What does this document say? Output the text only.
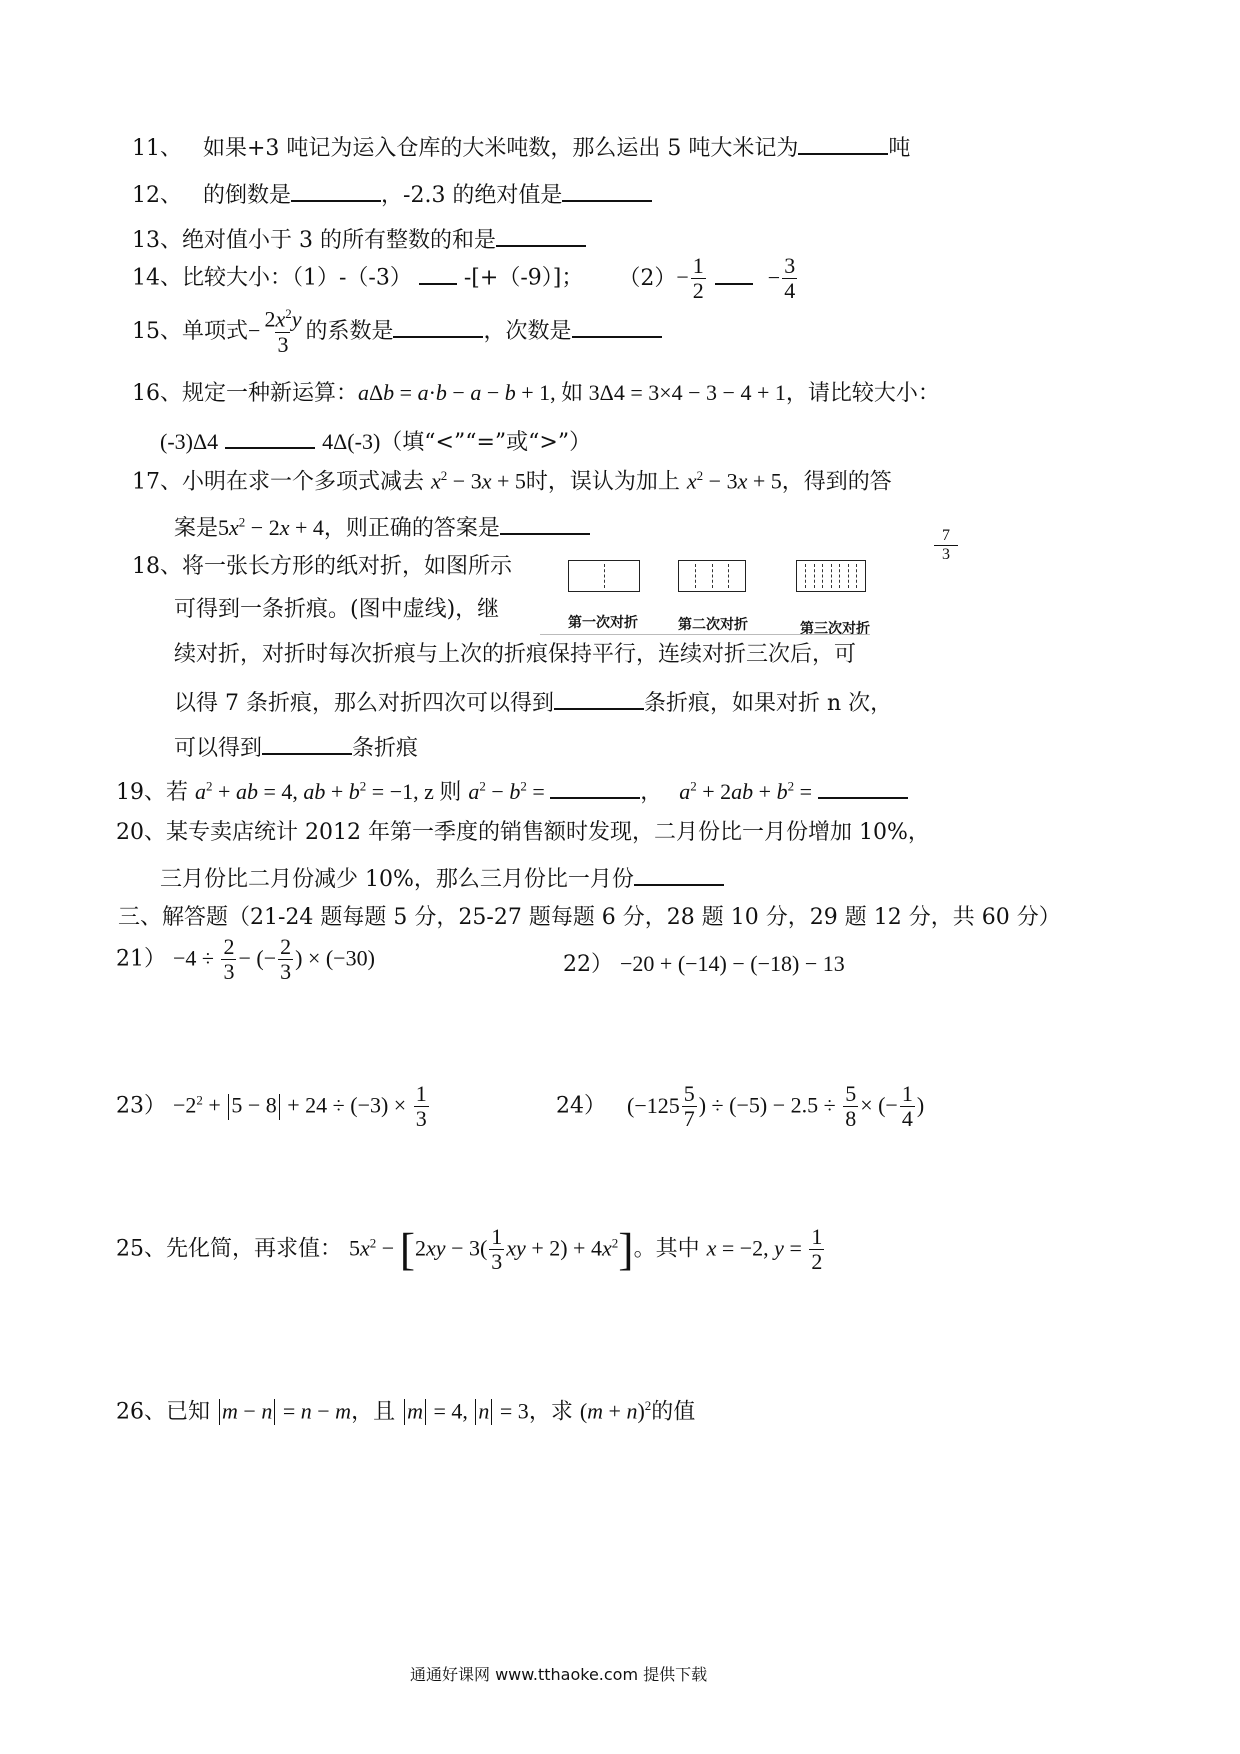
11、 如果+3 吨记为运入仓库的大米吨数，那么运出 5 吨大米记为	吨
12、 的倒数是	，-2.3 的绝对值是
13、绝对值小于 3 的所有整数的和是
14、比较大小：（1）-（-3） -[+（-9）]； $(2)- \frac{1}{2}$	− $\frac{3}{4}$
15、单项式− $\frac{2x^2y}{3}$ 的系数是	，次数是
16、规定一种新运算：aΔb = a·b − a − b + 1, 如 3Δ4 = 3×4 − 3 − 4 + 1，请比较大小：
(-3)Δ4	4Δ(-3)（填“<”“=”或“>”）
17、小明在求一个多项式减去 $x^2 - 3x + 5$时，误认为加上 $x^2 - 3x + 5$，得到的答
案是$5x^2 - 2x + 4$，则正确的答案是	$\frac{7}{3}$
18、将一张长方形的纸对折，如图所示
可得到一条折痕。(图中虚线)，继
续对折，对折时每次折痕与上次的折痕保持平行，连续对折三次后，可
以得 7 条折痕，那么对折四次可以得到	条折痕，如果对折 n 次，
可以得到	条折痕
第一次对折	第二次对折	第三次对折
19、若 $a^2$ + ab = 4, ab + $b^2 = -1$, z 则 $a^2 - b^2$ =	， $a^2 + 2ab + b^2$ =
20、某专卖店统计 2012 年第一季度的销售额时发现，二月份比一月份增加 10%，
三月份比二月份减少 10%，那么三月份比一月份
三、解答题（21-24 题每题 5 分，25-27 题每题 6 分，28 题 10 分，29 题 12 分，共 60 分）
$21) -4 \div \frac{2}{3}$ − (− $\frac{2}{3}$ ) × (−30)	22） −20 + (−14) − (−18) − 13
$23) -2^2 + 5 - 8 + 24 \div (-3) \times \frac{1}{3}$	24） ($-125 \frac{5}{7}$ ) ÷ $(-5) - 2.5 \div \frac{5}{8}$ × (− $\frac{1}{4}$ )
25、先化简，再求值： $5x^2 - [2xy - 3( \frac{1}{3}$ xy + $2) + 4x^2$]。其中 x = −2, $y = \frac{1}{2}$
26、已知 m − n = n − m，且 m = 4, n = 3，求 $(m + n)^2$的值
通通好课网 www.tthaoke.com 提供下载
